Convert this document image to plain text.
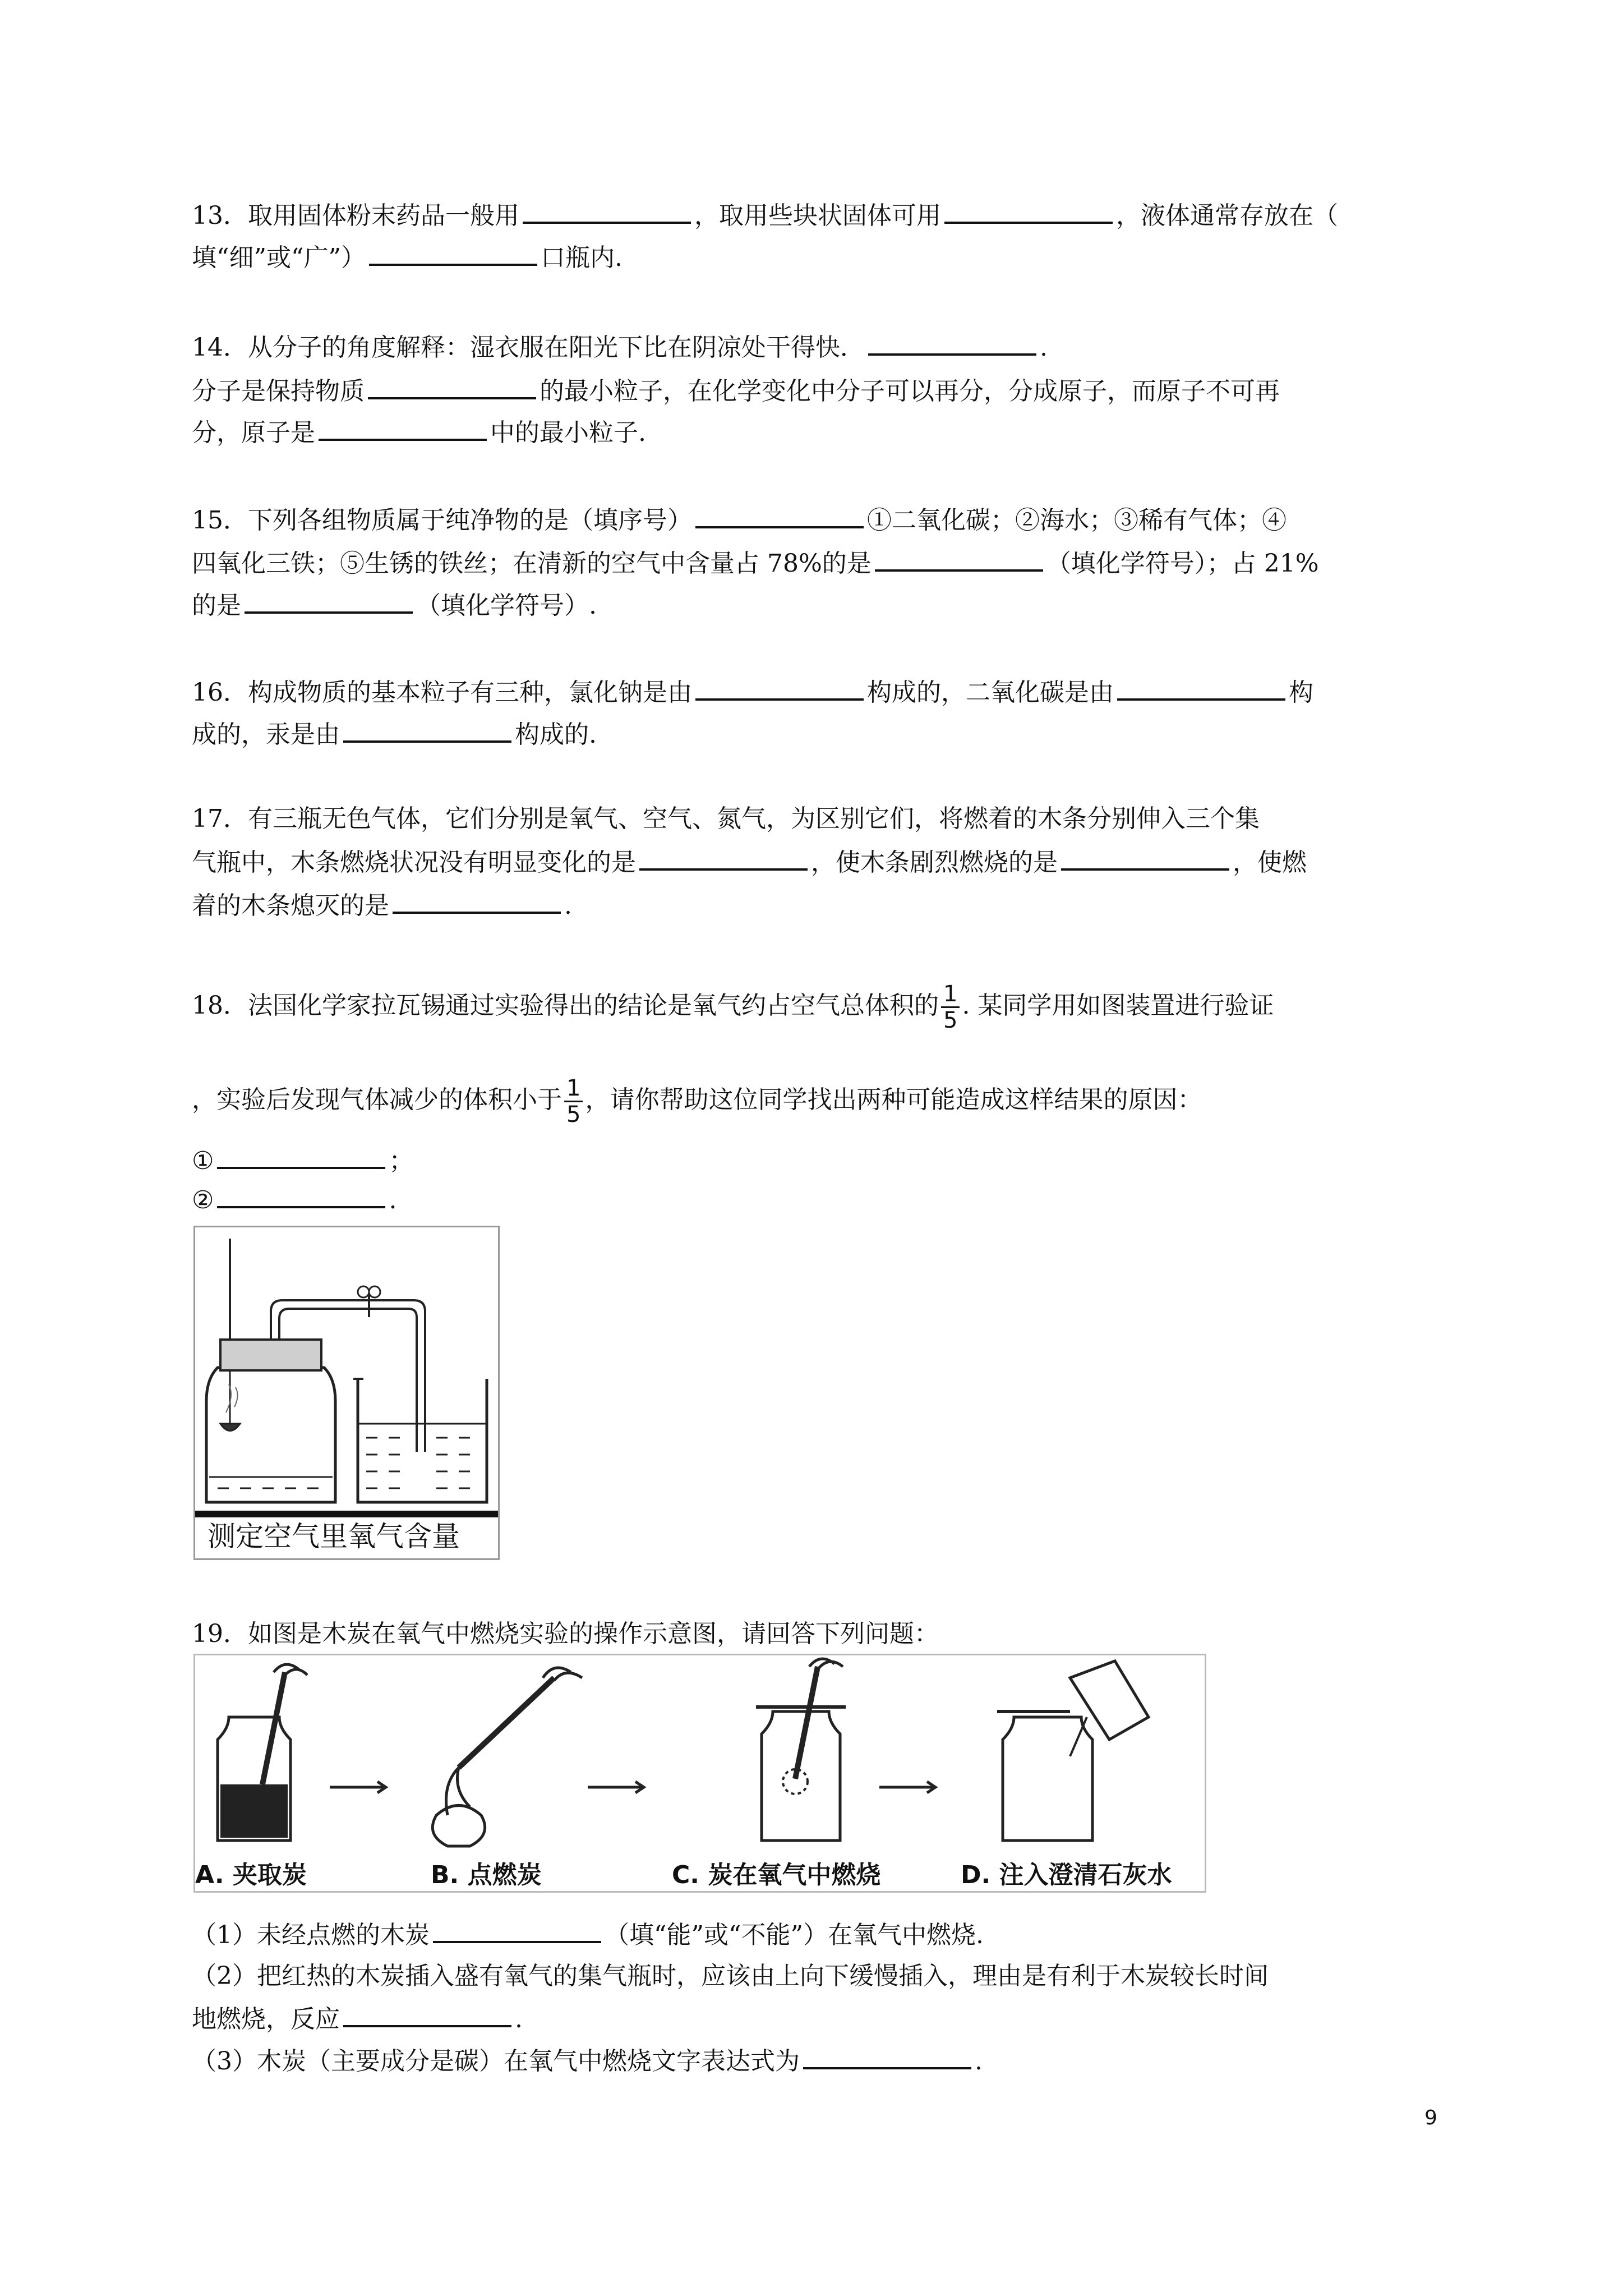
13．取用固体粉末药品一般用	，取用些块状固体可用	，液体通常存放在（
填“细”或“广”）	口瓶内.
14．从分子的角度解释：湿衣服在阳光下比在阴凉处干得快．	.
分子是保持物质	的最小粒子，在化学变化中分子可以再分，分成原子，而原子不可再
分，原子是	中的最小粒子.
15．下列各组物质属于纯净物的是（填序号）	①二氧化碳；②海水；③稀有气体；④
四氧化三铁；⑤生锈的铁丝；在清新的空气中含量占 78%的是	（填化学符号）；占 21%
的是	（填化学符号）.
16．构成物质的基本粒子有三种，氯化钠是由	构成的，二氧化碳是由	构
成的，汞是由	构成的.
17．有三瓶无色气体，它们分别是氧气、空气、氮气，为区别它们，将燃着的木条分别伸入三个集
气瓶中，木条燃烧状况没有明显变化的是	，使木条剧烈燃烧的是	，使燃
着的木条熄灭的是	.
18．法国化学家拉瓦锡通过实验得出的结论是氧气约占空气总体积的 $\frac{1}{5}$ . 某同学用如图装置进行验证
，实验后发现气体减少的体积小于 $\frac{1}{5}$ ，请你帮助这位同学找出两种可能造成这样结果的原因：
①	；
②	.
测定空气里氧气含量
19．如图是木炭在氧气中燃烧实验的操作示意图，请回答下列问题：
A. 夹取炭	B. 点燃炭	C. 炭在氧气中燃烧	D. 注入澄清石灰水
（1）未经点燃的木炭	（填“能”或“不能”）在氧气中燃烧.
（2）把红热的木炭插入盛有氧气的集气瓶时，应该由上向下缓慢插入，理由是有利于木炭较长时间
地燃烧，反应	.
（3）木炭（主要成分是碳）在氧气中燃烧文字表达式为	.
9
